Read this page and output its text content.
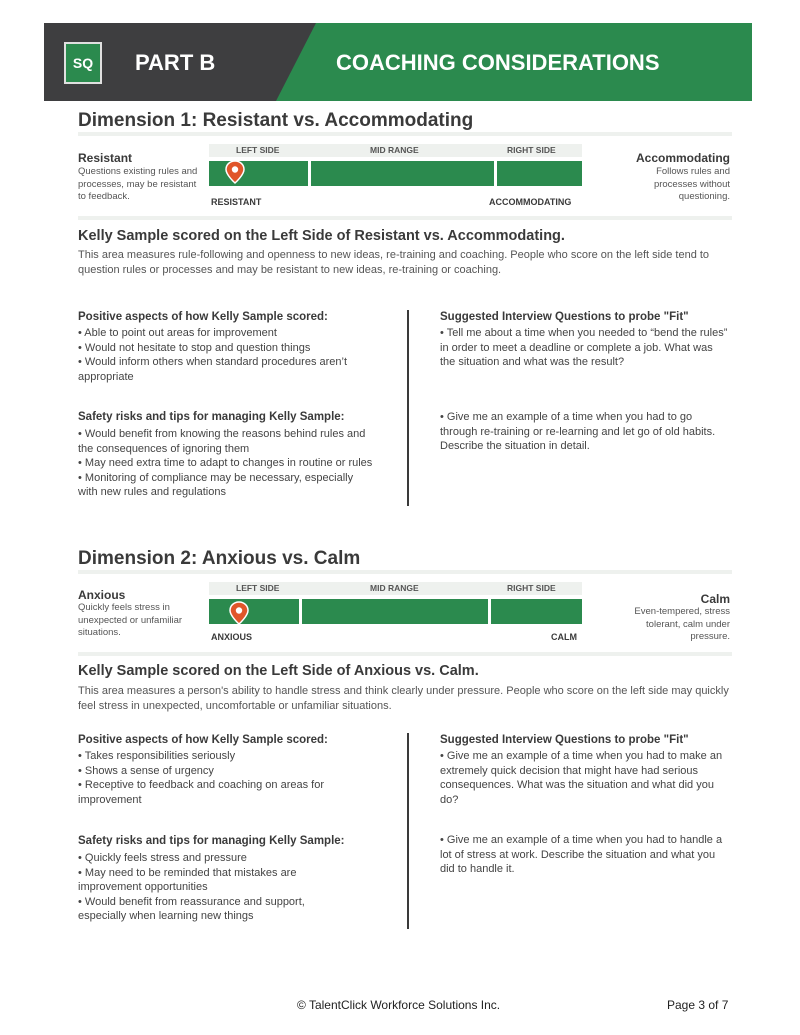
SQ	PART B	COACHING CONSIDERATIONS
Dimension 1: Resistant vs. Accommodating
Resistant
Questions existing rules and processes, may be resistant to feedback.
Accommodating
Follows rules and processes without questioning.
LEFT SIDE	MID RANGE	RIGHT SIDE
RESISTANT	ACCOMMODATING
Kelly Sample scored on the Left Side of Resistant vs. Accommodating.
This area measures rule-following and openness to new ideas, re-training and coaching. People who score on the left side tend to question rules or processes and may be resistant to new ideas, re-training or coaching.
Positive aspects of how Kelly Sample scored:
• Able to point out areas for improvement
• Would not hesitate to stop and question things
• Would inform others when standard procedures aren’t appropriate
Safety risks and tips for managing Kelly Sample:
• Would benefit from knowing the reasons behind rules and the consequences of ignoring them
• May need extra time to adapt to changes in routine or rules
• Monitoring of compliance may be necessary, especially with new rules and regulations
Suggested Interview Questions to probe "Fit"
• Tell me about a time when you needed to “bend the rules” in order to meet a deadline or complete a job. What was the situation and what was the result?
• Give me an example of a time when you had to go through re-training or re-learning and let go of old habits. Describe the situation in detail.
Dimension 2: Anxious vs. Calm
Anxious
Quickly feels stress in unexpected or unfamiliar situations.
Calm
Even-tempered, stress tolerant, calm under pressure.
LEFT SIDE	MID RANGE	RIGHT SIDE
ANXIOUS	CALM
Kelly Sample scored on the Left Side of Anxious vs. Calm.
This area measures a person's ability to handle stress and think clearly under pressure. People who score on the left side may quickly feel stress in unexpected, uncomfortable or unfamiliar situations.
Positive aspects of how Kelly Sample scored:
• Takes responsibilities seriously
• Shows a sense of urgency
• Receptive to feedback and coaching on areas for improvement
Safety risks and tips for managing Kelly Sample:
• Quickly feels stress and pressure
• May need to be reminded that mistakes are improvement opportunities
• Would benefit from reassurance and support, especially when learning new things
Suggested Interview Questions to probe "Fit"
• Give me an example of a time when you had to make an extremely quick decision that might have had serious consequences. What was the situation and what did you do?
• Give me an example of a time when you had to handle a lot of stress at work. Describe the situation and what you did to handle it.
© TalentClick Workforce Solutions Inc.	Page 3 of 7
